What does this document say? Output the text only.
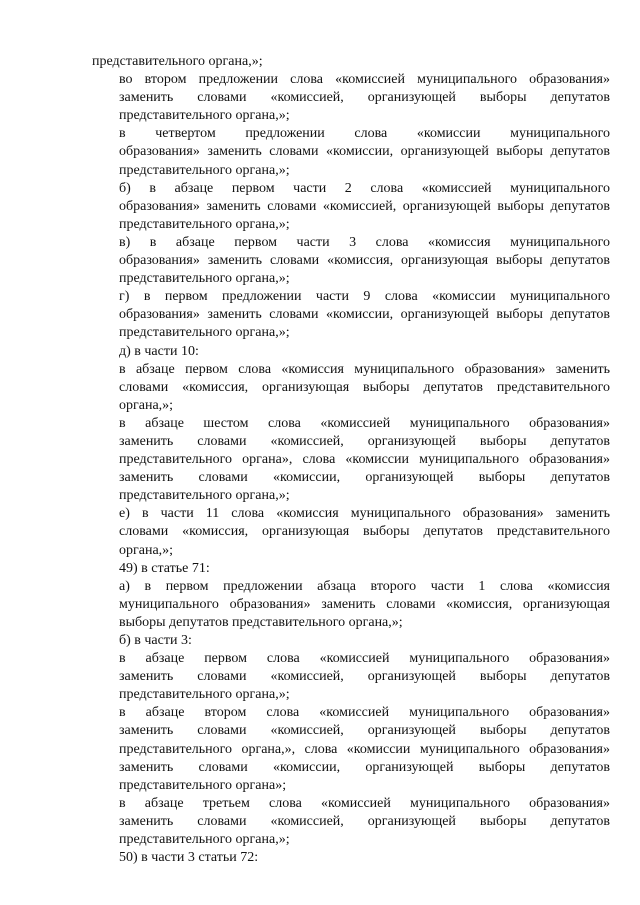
представительного органа,»;
во втором предложении слова «комиссией муниципального образования»
заменить словами «комиссией, организующей выборы депутатов
представительного органа,»;
в четвертом предложении слова «комиссии муниципального
образования» заменить словами «комиссии, организующей выборы депутатов
представительного органа,»;
б) в абзаце первом части 2 слова «комиссией муниципального
образования» заменить словами «комиссией, организующей выборы депутатов
представительного органа,»;
в) в абзаце первом части 3 слова «комиссия муниципального
образования» заменить словами «комиссия, организующая выборы депутатов
представительного органа,»;
г) в первом предложении части 9 слова «комиссии муниципального
образования» заменить словами «комиссии, организующей выборы депутатов
представительного органа,»;
д) в части 10:
в абзаце первом слова «комиссия муниципального образования» заменить
словами «комиссия, организующая выборы депутатов представительного
органа,»;
в абзаце шестом слова «комиссией муниципального образования»
заменить словами «комиссией, организующей выборы депутатов
представительного органа», слова «комиссии муниципального образования»
заменить словами «комиссии, организующей выборы депутатов
представительного органа,»;
е) в части 11 слова «комиссия муниципального образования» заменить
словами «комиссия, организующая выборы депутатов представительного
органа,»;
49) в статье 71:
а) в первом предложении абзаца второго части 1 слова «комиссия
муниципального образования» заменить словами «комиссия, организующая
выборы депутатов представительного органа,»;
б) в части 3:
в абзаце первом слова «комиссией муниципального образования»
заменить словами «комиссией, организующей выборы депутатов
представительного органа,»;
в абзаце втором слова «комиссией муниципального образования»
заменить словами «комиссией, организующей выборы депутатов
представительного органа,», слова «комиссии муниципального образования»
заменить словами «комиссии, организующей выборы депутатов
представительного органа»;
в абзаце третьем слова «комиссией муниципального образования»
заменить словами «комиссией, организующей выборы депутатов
представительного органа,»;
50) в части 3 статьи 72:
